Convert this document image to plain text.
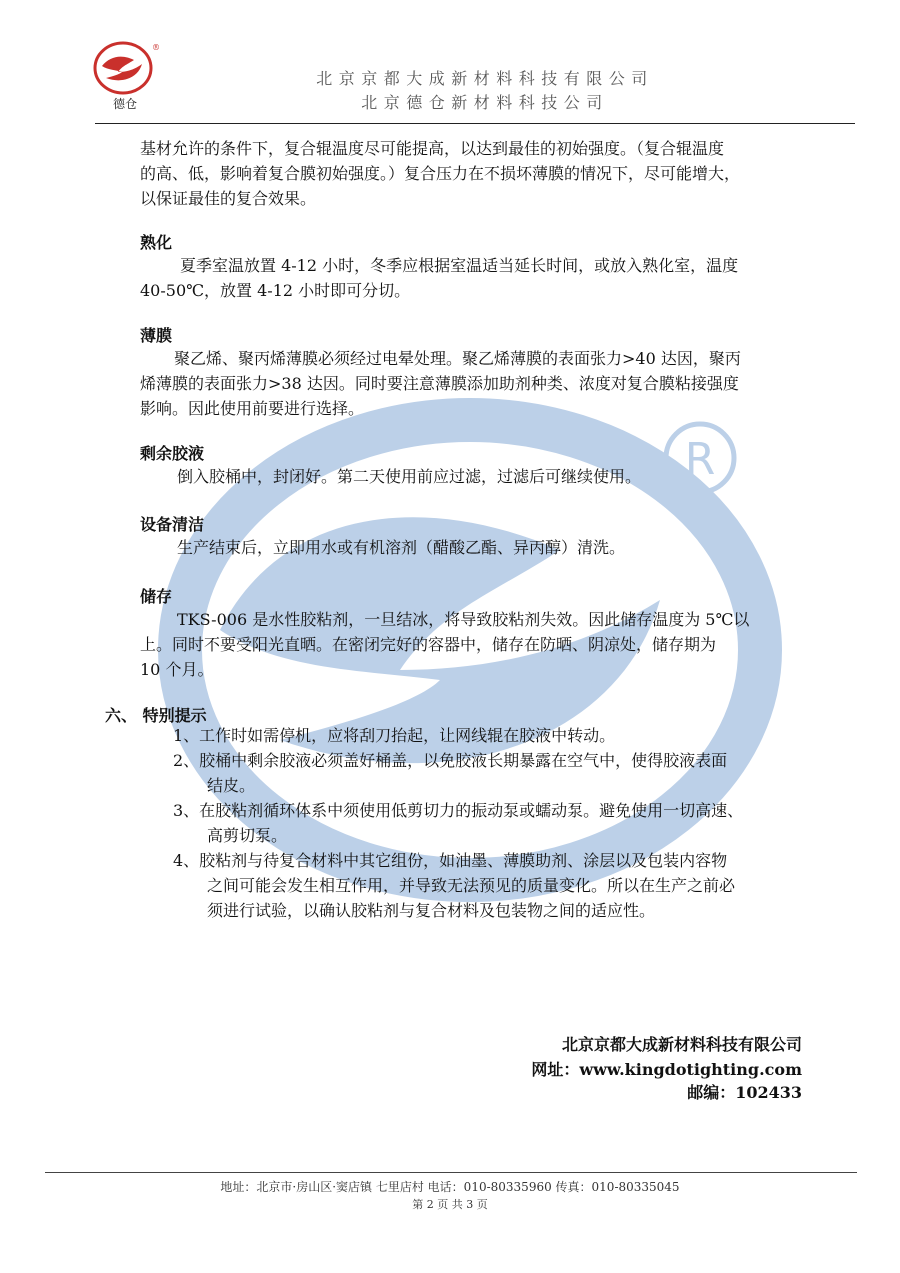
®
德仓
北京京都大成新材料科技有限公司
北京德仓新材料科技公司
R
基材允许的条件下，复合辊温度尽可能提高，以达到最佳的初始强度。（复合辊温度
的高、低，影响着复合膜初始强度。）复合压力在不损坏薄膜的情况下，尽可能增大，
以保证最佳的复合效果。
熟化
夏季室温放置 4-12 小时，冬季应根据室温适当延长时间，或放入熟化室，温度
40-50℃，放置 4-12 小时即可分切。
薄膜
聚乙烯、聚丙烯薄膜必须经过电晕处理。聚乙烯薄膜的表面张力>40 达因，聚丙
烯薄膜的表面张力>38 达因。同时要注意薄膜添加助剂种类、浓度对复合膜粘接强度
影响。因此使用前要进行选择。
剩余胶液
倒入胶桶中，封闭好。第二天使用前应过滤，过滤后可继续使用。
设备清洁
生产结束后，立即用水或有机溶剂（醋酸乙酯、异丙醇）清洗。
储存
TKS-006 是水性胶粘剂，一旦结冰，将导致胶粘剂失效。因此储存温度为 5℃以
上。同时不要受阳光直晒。在密闭完好的容器中，储存在防晒、阴凉处，储存期为
10 个月。
六、 特别提示
1、工作时如需停机，应将刮刀抬起，让网线辊在胶液中转动。
2、胶桶中剩余胶液必须盖好桶盖，以免胶液长期暴露在空气中，使得胶液表面
结皮。
3、在胶粘剂循环体系中须使用低剪切力的振动泵或蠕动泵。避免使用一切高速、
高剪切泵。
4、胶粘剂与待复合材料中其它组份，如油墨、薄膜助剂、涂层以及包装内容物
之间可能会发生相互作用，并导致无法预见的质量变化。所以在生产之前必
须进行试验，以确认胶粘剂与复合材料及包装物之间的适应性。
北京京都大成新材料科技有限公司
网址：www.kingdotighting.com
邮编：102433
地址：北京市·房山区·窦店镇 七里店村 电话：010-80335960 传真：010-80335045
第 2 页 共 3 页
